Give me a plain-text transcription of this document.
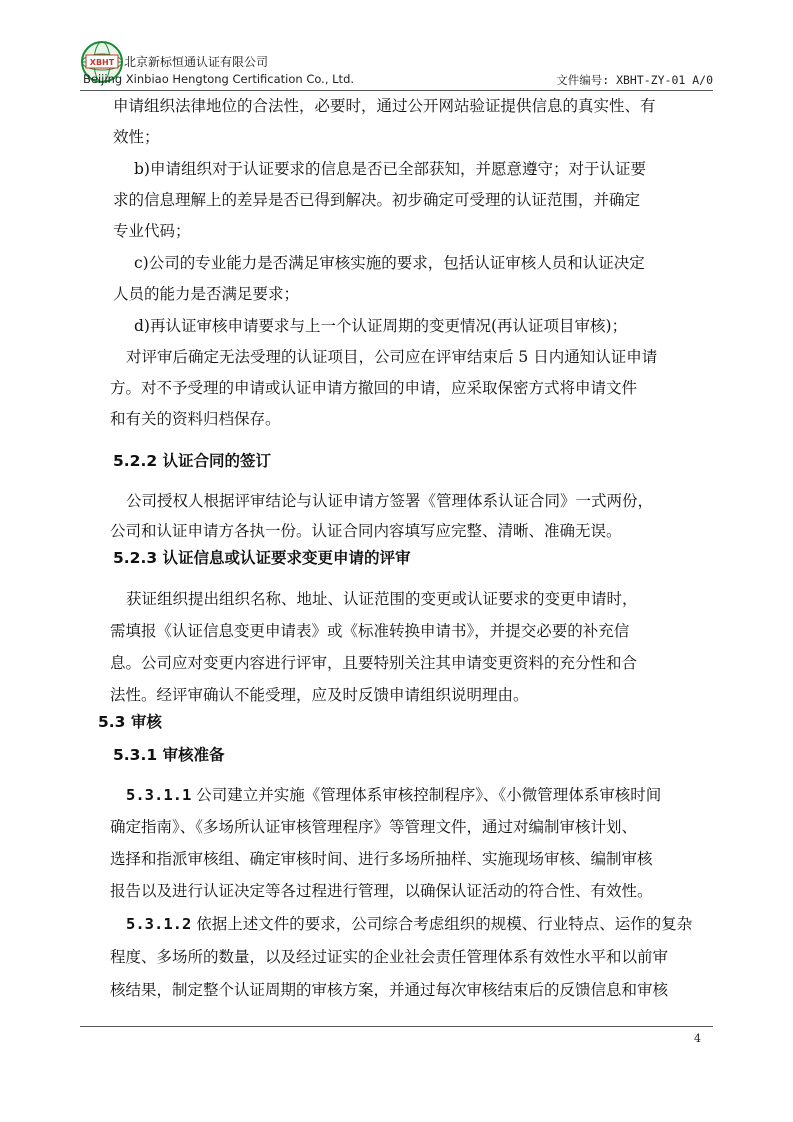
XBHT 北京新标恒通认证有限公司
Beijing Xinbiao Hengtong Certification Co., Ltd.	文件编号: XBHT-ZY-01 A/0
申请组织法律地位的合法性，必要时，通过公开网站验证提供信息的真实性、有
效性；
b)申请组织对于认证要求的信息是否已全部获知，并愿意遵守；对于认证要
求的信息理解上的差异是否已得到解决。初步确定可受理的认证范围，并确定
专业代码；
c)公司的专业能力是否满足审核实施的要求，包括认证审核人员和认证决定
人员的能力是否满足要求；
d)再认证审核申请要求与上一个认证周期的变更情况(再认证项目审核)；
对评审后确定无法受理的认证项目，公司应在评审结束后 5 日内通知认证申请
方。对不予受理的申请或认证申请方撤回的申请，应采取保密方式将申请文件
和有关的资料归档保存。
5.2.2 认证合同的签订
公司授权人根据评审结论与认证申请方签署《管理体系认证合同》一式两份，
公司和认证申请方各执一份。认证合同内容填写应完整、清晰、准确无误。
5.2.3 认证信息或认证要求变更申请的评审
获证组织提出组织名称、地址、认证范围的变更或认证要求的变更申请时，
需填报《认证信息变更申请表》或《标准转换申请书》，并提交必要的补充信
息。公司应对变更内容进行评审，且要特别关注其申请变更资料的充分性和合
法性。经评审确认不能受理，应及时反馈申请组织说明理由。
5.3 审核
5.3.1 审核准备
5.3.1.1 公司建立并实施《管理体系审核控制程序》、《小微管理体系审核时间
确定指南》、《多场所认证审核管理程序》等管理文件，通过对编制审核计划、
选择和指派审核组、确定审核时间、进行多场所抽样、实施现场审核、编制审核
报告以及进行认证决定等各过程进行管理，以确保认证活动的符合性、有效性。
5.3.1.2 依据上述文件的要求，公司综合考虑组织的规模、行业特点、运作的复杂
程度、多场所的数量，以及经过证实的企业社会责任管理体系有效性水平和以前审
核结果，制定整个认证周期的审核方案，并通过每次审核结束后的反馈信息和审核
4
